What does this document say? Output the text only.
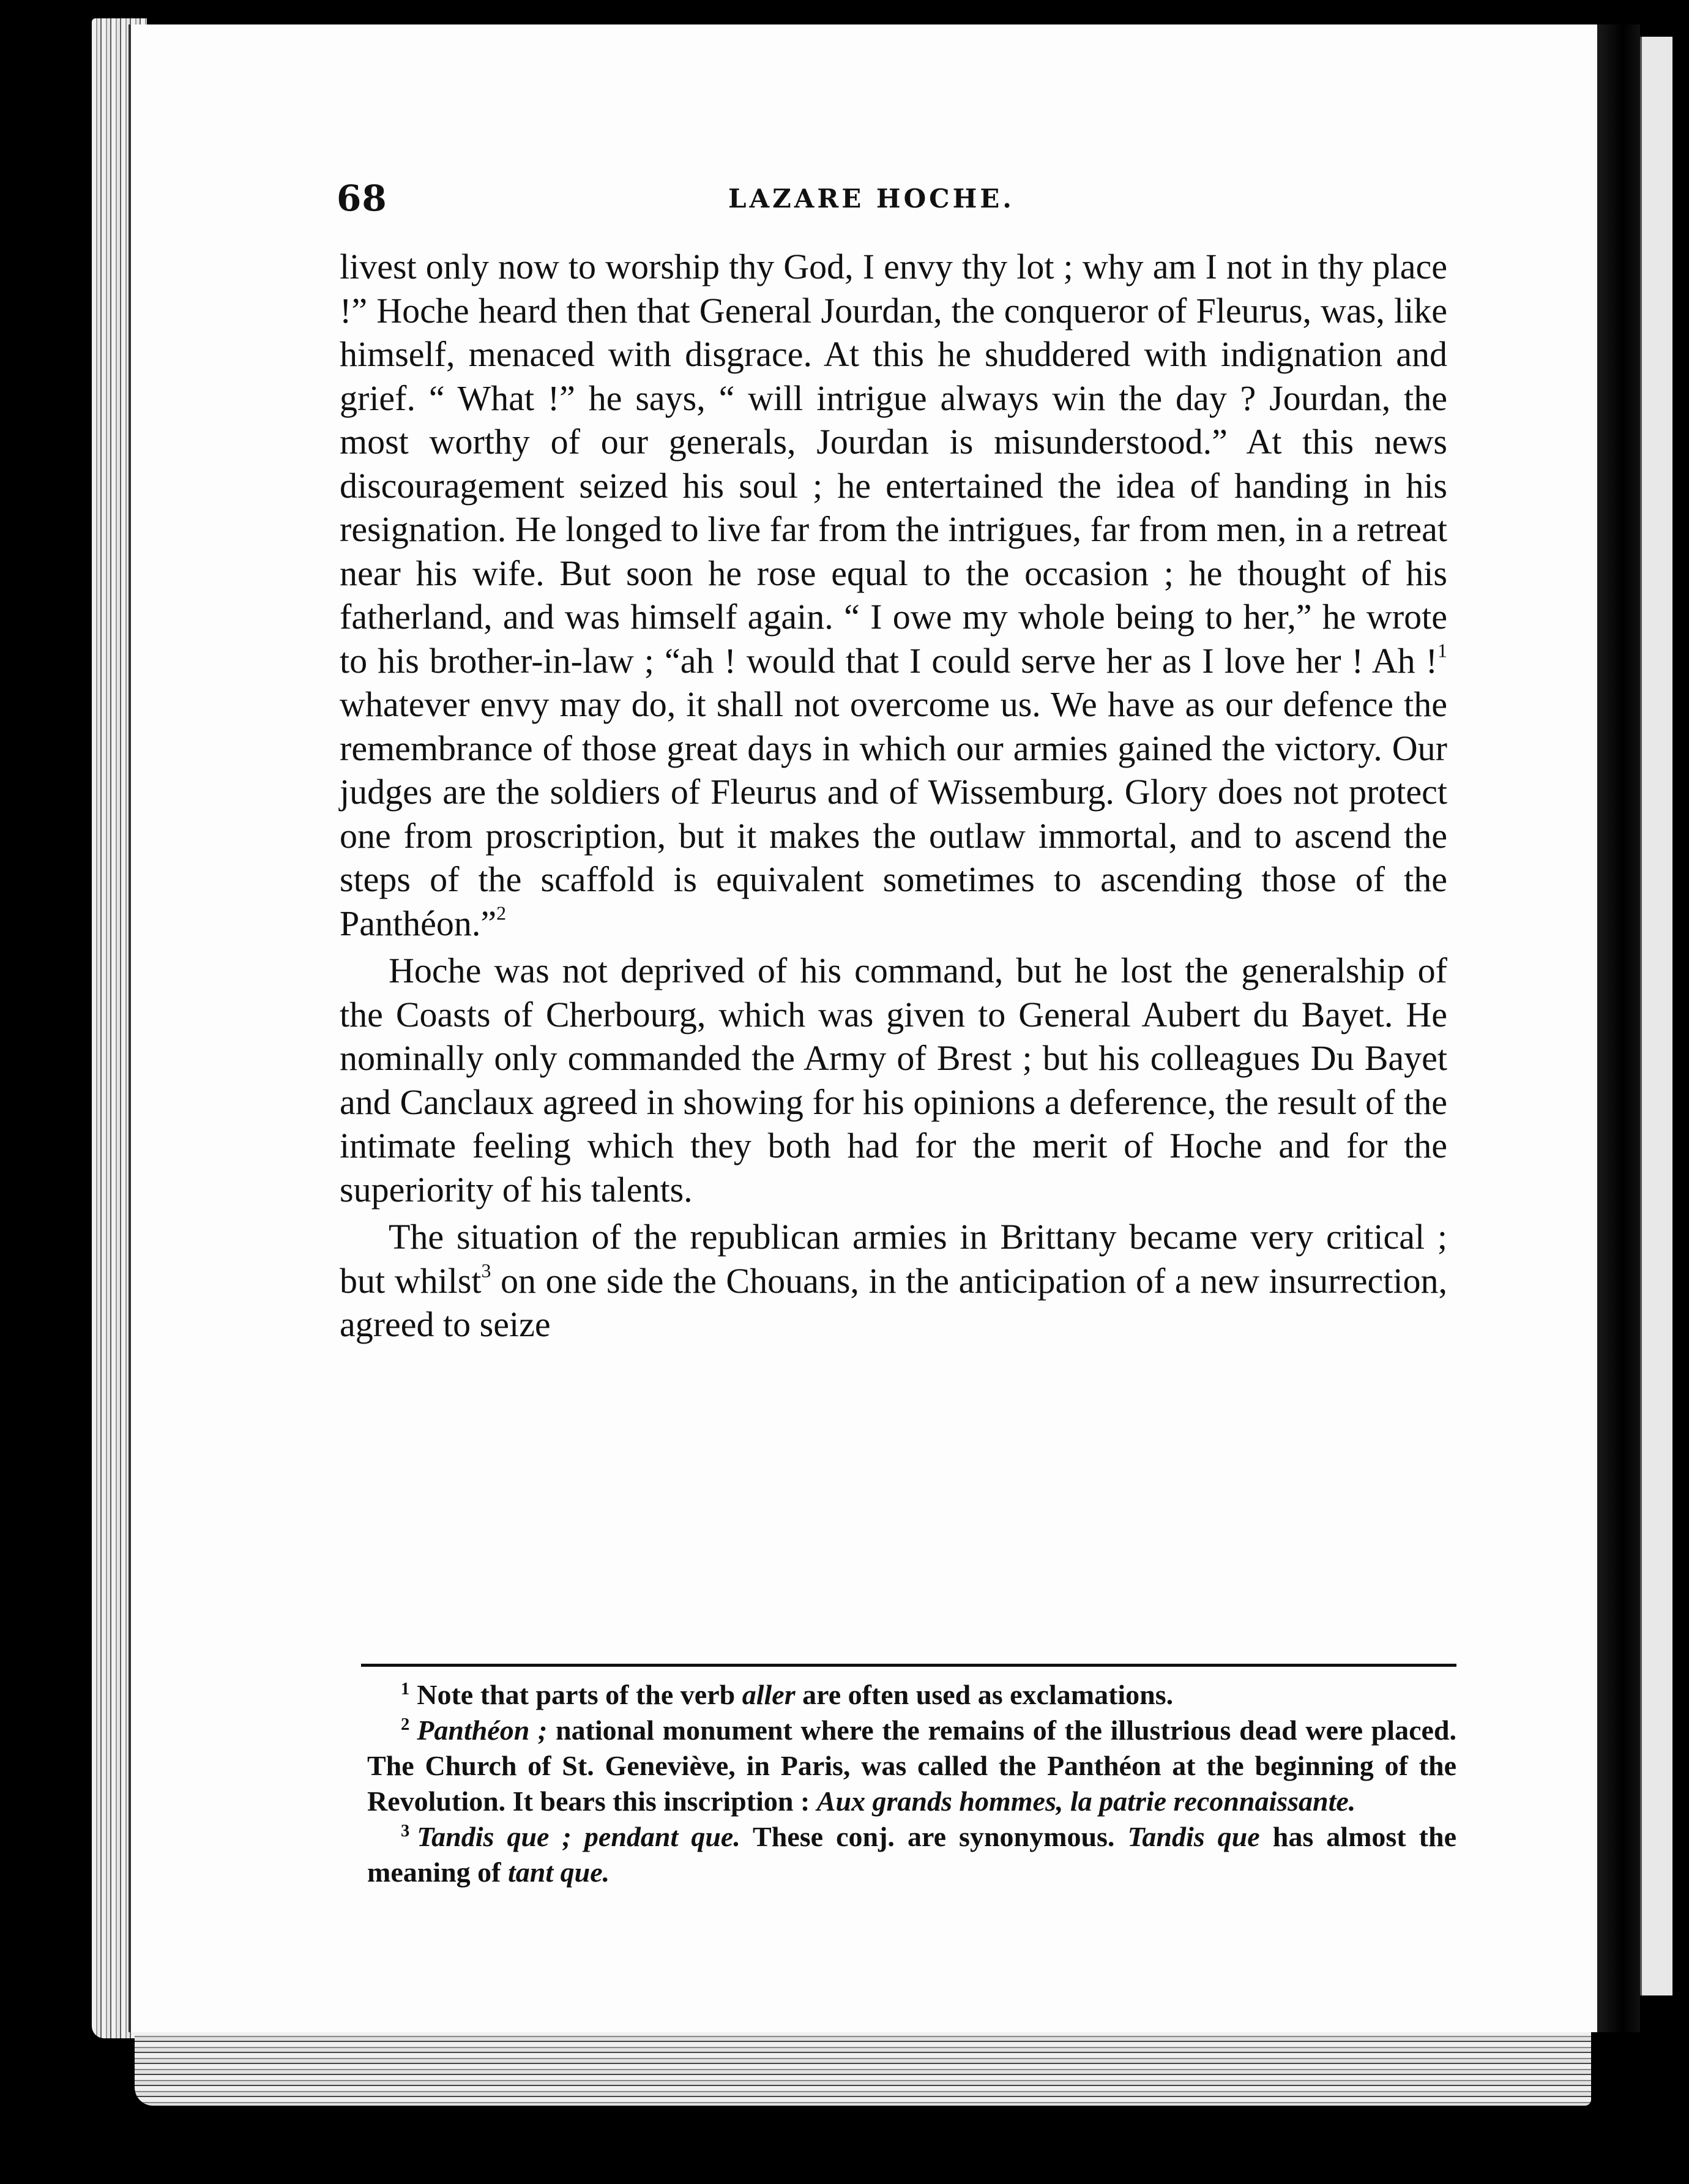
68	LAZARE HOCHE.

livest only now to worship thy God, I envy thy lot ; why am I not in thy place !” Hoche heard then that General Jourdan, the conqueror of Fleurus, was, like himself, menaced with disgrace. At this he shuddered with indignation and grief. “ What !” he says, “ will intrigue always win the day ? Jourdan, the most worthy of our generals, Jourdan is misunderstood.” At this news discouragement seized his soul ; he entertained the idea of handing in his resignation. He longed to live far from the intrigues, far from men, in a retreat near his wife. But soon he rose equal to the occasion ; he thought of his fatherland, and was himself again. “ I owe my whole being to her,” he wrote to his brother-in-law ; “ah ! would that I could serve her as I love her ! Ah !$^1$ whatever envy may do, it shall not overcome us. We have as our defence the remembrance of those great days in which our armies gained the victory. Our judges are the soldiers of Fleurus and of Wissemburg. Glory does not protect one from proscription, but it makes the outlaw immortal, and to ascend the steps of the scaffold is equivalent sometimes to ascending those of the Panthéon.”$^2$

Hoche was not deprived of his command, but he lost the generalship of the Coasts of Cherbourg, which was given to General Aubert du Bayet. He nominally only commanded the Army of Brest ; but his colleagues Du Bayet and Canclaux agreed in showing for his opinions a deference, the result of the intimate feeling which they both had for the merit of Hoche and for the superiority of his talents.

The situation of the republican armies in Brittany became very critical ; but whilst$^3$ on one side the Chouans, in the anticipation of a new insurrection, agreed to seize

$^1$ Note that parts of the verb aller are often used as exclamations.

$^2$ Panthéon ; national monument where the remains of the illustrious dead were placed. The Church of St. Geneviève, in Paris, was called the Panthéon at the beginning of the Revolution. It bears this inscription : Aux grands hommes, la patrie reconnaissante.

$^3$ Tandis que ; pendant que. These conj. are synonymous. Tandis que has almost the meaning of tant que.
